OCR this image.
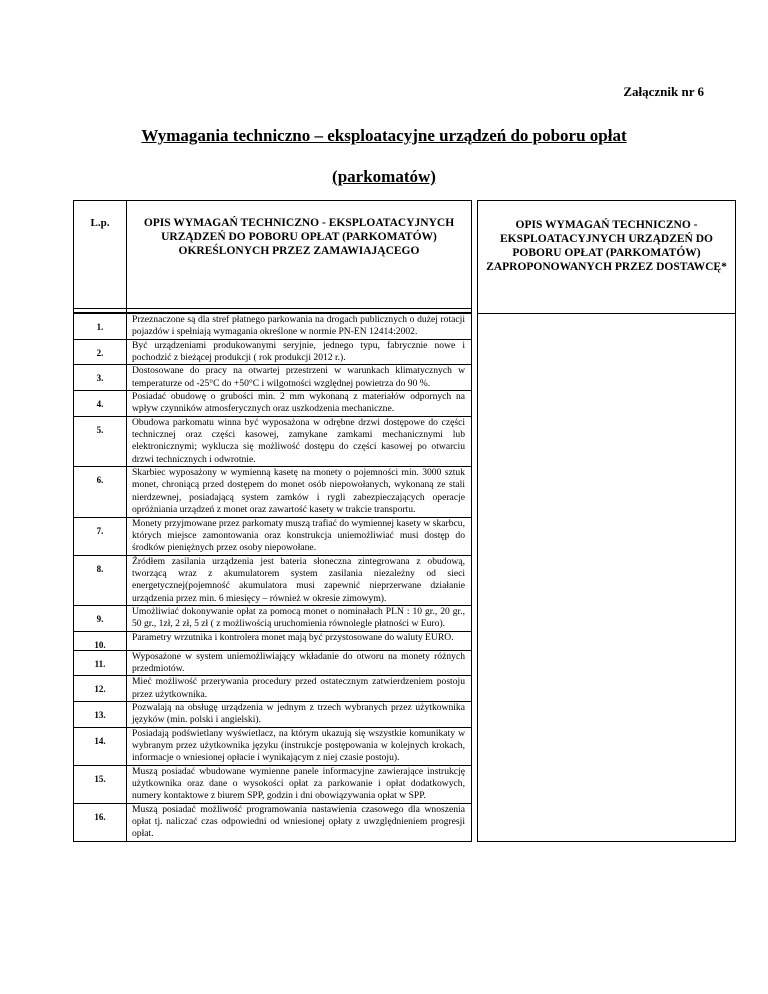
Załącznik nr 6
Wymagania techniczno – eksploatacyjne urządzeń do poboru opłat
(parkomatów)
L.p.	OPIS WYMAGAŃ TECHNICZNO - EKSPLOATACYJNYCH URZĄDZEŃ DO POBORU OPŁAT (PARKOMATÓW) OKREŚLONYCH PRZEZ ZAMAWIAJĄCEGO		OPIS WYMAGAŃ TECHNICZNO - EKSPLOATACYJNYCH URZĄDZEŃ DO POBORU OPŁAT (PARKOMATÓW) ZAPROPONOWANYCH PRZEZ DOSTAWCĘ*

1.	Przeznaczone są dla stref płatnego parkowania na drogach publicznych o dużej rotacji pojazdów i spełniają wymagania określone w normie PN-EN 12414:2002.		
2.	Być urządzeniami produkowanymi seryjnie, jednego typu, fabrycznie nowe i pochodzić z bieżącej produkcji ( rok produkcji 2012 r.).		
3.	Dostosowane do pracy na otwartej przestrzeni w warunkach klimatycznych w temperaturze od -25°C do +50°C i wilgotności względnej powietrza do 90 %.		
4.	Posiadać obudowę o grubości min. 2 mm wykonaną z materiałów odpornych na wpływ czynników atmosferycznych oraz uszkodzenia mechaniczne.		
5.	Obudowa parkomatu winna być wyposażona w odrębne drzwi dostępowe do części technicznej oraz części kasowej, zamykane zamkami mechanicznymi lub elektronicznymi; wyklucza się możliwość dostępu do części kasowej po otwarciu drzwi technicznych i odwrotnie.		
6.	Skarbiec wyposażony w wymienną kasetę na monety o pojemności min. 3000 sztuk monet, chroniącą przed dostępem do monet osób niepowołanych, wykonaną ze stali nierdzewnej, posiadającą system zamków i rygli zabezpieczających operacje opróżniania urządzeń z monet oraz zawartość kasety w trakcie transportu.		
7.	Monety przyjmowane przez parkomaty muszą trafiać do wymiennej kasety w skarbcu, których miejsce zamontowania oraz konstrukcja uniemożliwiać musi dostęp do środków pieniężnych przez osoby niepowołane.		
8.	Źródłem zasilania urządzenia jest bateria słoneczna zintegrowana z obudową, tworzącą wraz z akumulatorem system zasilania niezależny od sieci energetycznej(pojemność akumulatora musi zapewnić nieprzerwane działanie urządzenia przez min. 6 miesięcy – również w okresie zimowym).		
9.	Umożliwiać dokonywanie opłat za pomocą monet o nominałach PLN : 10 gr., 20 gr., 50 gr., 1zł, 2 zł, 5 zł ( z możliwością uruchomienia równolegle płatności w Euro).		
10.	Parametry wrzutnika i kontrolera monet mają być przystosowane do waluty EURO.		
11.	Wyposażone w system uniemożliwiający wkładanie do otworu na monety różnych przedmiotów.		
12.	Mieć możliwość przerywania procedury przed ostatecznym zatwierdzeniem postoju przez użytkownika.		
13.	Pozwalają na obsługę urządzenia w jednym z trzech wybranych przez użytkownika języków (min. polski i angielski).		
14.	Posiadają podświetlany wyświetlacz, na którym ukazują się wszystkie komunikaty w wybranym przez użytkownika języku (instrukcje postępowania w kolejnych krokach, informacje o wniesionej opłacie i wynikającym z niej czasie postoju).		
15.	Muszą posiadać wbudowane wymienne panele informacyjne zawierające instrukcję użytkownika oraz dane o wysokości opłat za parkowanie i opłat dodatkowych, numery kontaktowe z biurem SPP, godzin i dni obowiązywania opłat w SPP.		
16.	Muszą posiadać możliwość programowania nastawienia czasowego dla wnoszenia opłat tj. naliczać czas odpowiedni od wniesionej opłaty z uwzględnieniem progresji opłat.		
